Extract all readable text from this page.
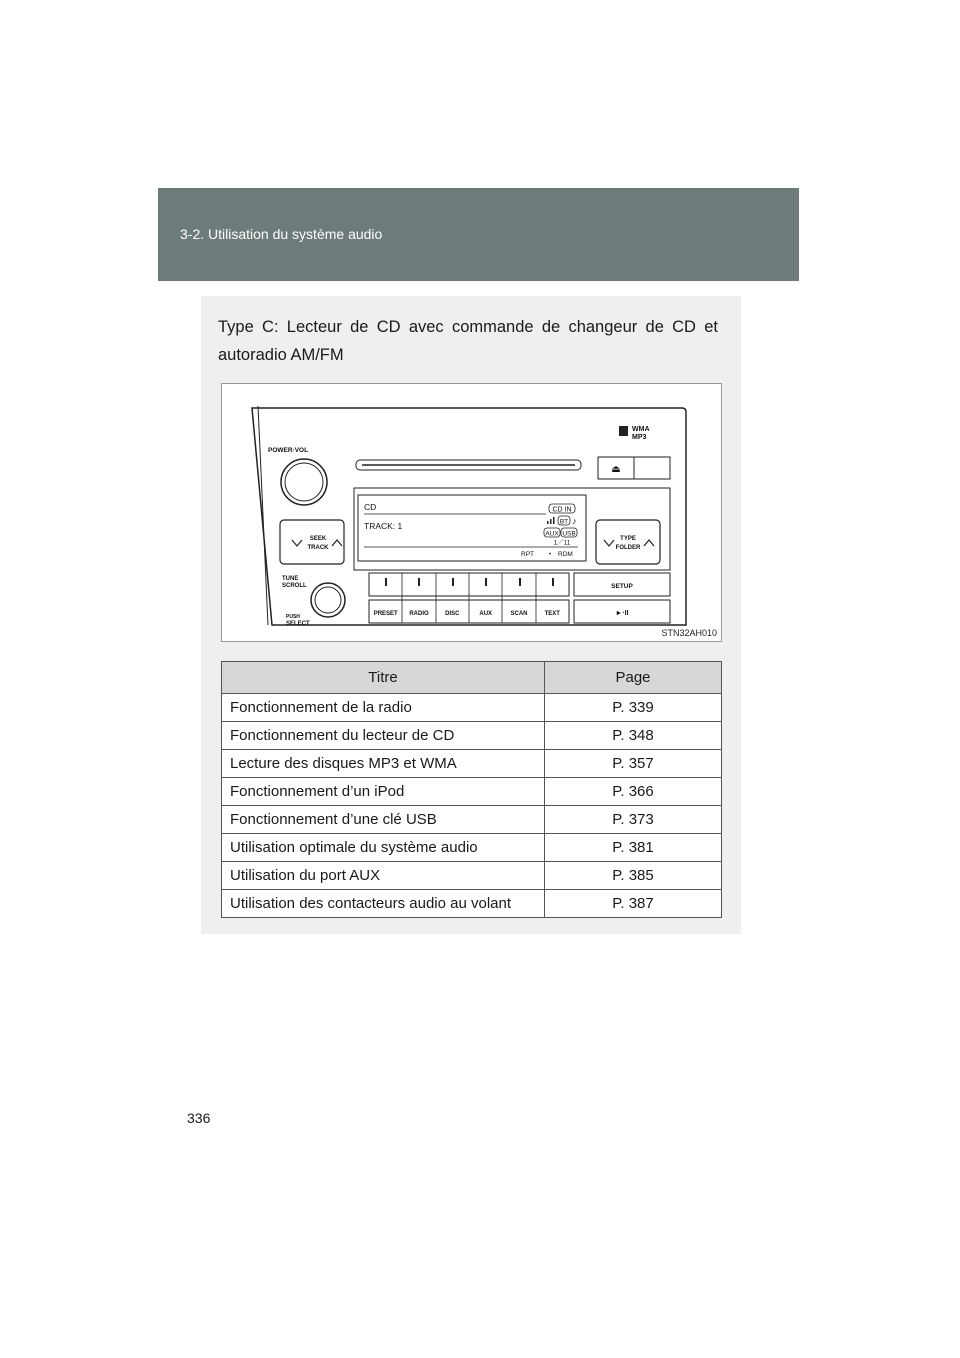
3-2. Utilisation du système audio
Type C: Lecteur de CD avec commande de changeur de CD et autoradio AM/FM
WMA
MP3
POWER·VOL
⏏
CD
TRACK: 1
CD IN
BT ♪
AUX USB
1／11
RPT	RDM
SEEK
TRACK
TYPE
FOLDER
TUNE
SCROLL
PUSH
SELECT
PRESET RADIO	DISC	AUX	SCAN	TEXT
SETUP
►·II
STN32AH010
Titre	Page
Fonctionnement de la radio	P. 339
Fonctionnement du lecteur de CD	P. 348
Lecture des disques MP3 et WMA	P. 357
Fonctionnement d’un iPod	P. 366
Fonctionnement d’une clé USB	P. 373
Utilisation optimale du système audio	P. 381
Utilisation du port AUX	P. 385
Utilisation des contacteurs audio au volant	P. 387
336
